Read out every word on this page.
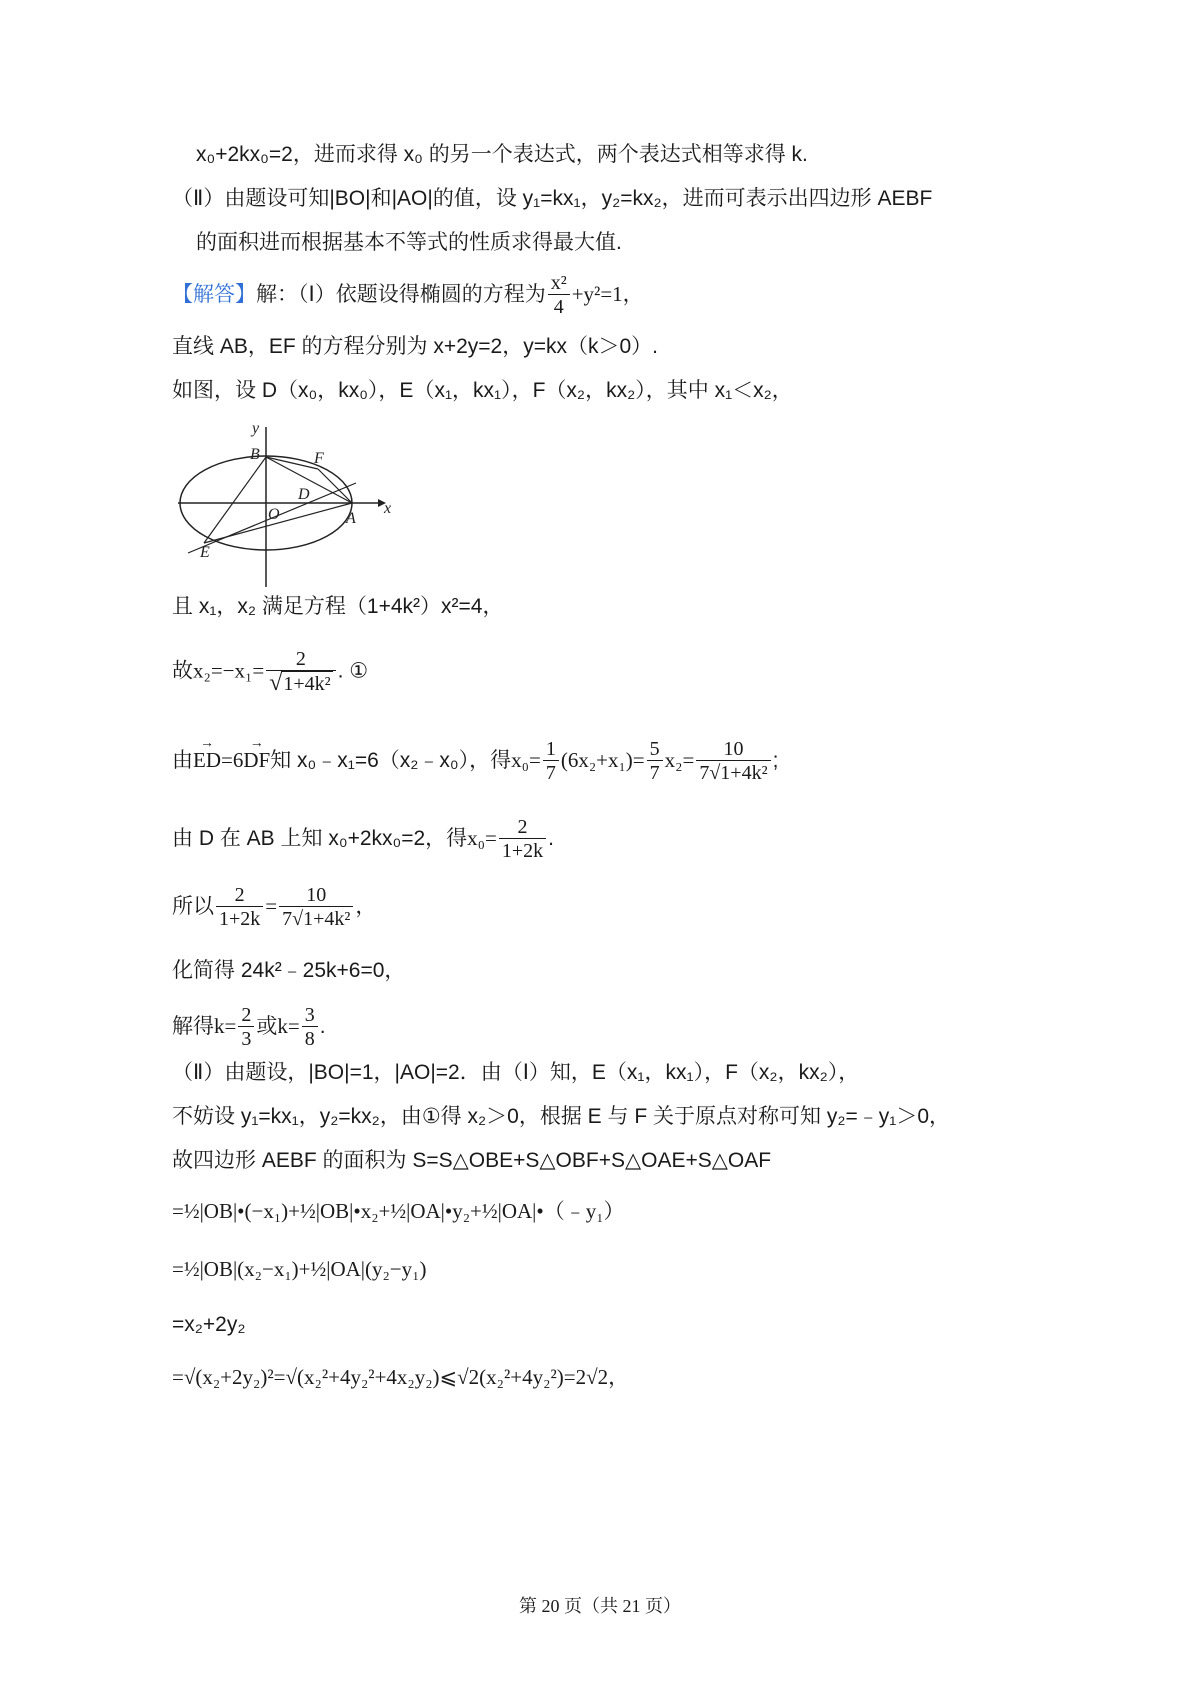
x₀+2kx₀=2，进而求得 x₀ 的另一个表达式，两个表达式相等求得 k.
（Ⅱ）由题设可知|BO|和|AO|的值，设 y₁=kx₁，y₂=kx₂，进而可表示出四边形 AEBF
的面积进而根据基本不等式的性质求得最大值.
【解答】解：（Ⅰ）依题设得椭圆的方程为 $\frac{\text{x²}}{4} +y^2=1$，
直线 AB，EF 的方程分别为 x+2y=2，y=kx（k＞0）.
如图，设 D（x₀，kx₀），E（x₁，kx₁），F（x₂，kx₂），其中 x₁＜x₂，
y
x
B	F
D
O	A
E
且 x₁，x₂ 满足方程（1+4k²）x²=4，
故$x_2=-x_1= \frac{2}{\text{√1+4k²}}$ . ①
由→ ED=6→ DF知 x₀﹣x₁=6（x₂﹣x₀），得$x_0= \frac{1}{7} (6x_2+x_1)= \frac{5}{7} x_2= \frac{10}{\text{7√1+4k²}}$ ;
由 D 在 AB 上知 x₀+2kx₀=2，得$x_0= \frac{2}{1+2k}$ .
所以 $\frac{2}{1+2k} = \frac{10}{\text{7√1+4k²}}$ ，
化简得 24k²﹣25k+6=0，
解得$k= \frac{2}{3}$ 或$k= \frac{3}{8}$ .
（Ⅱ）由题设，|BO|=1，|AO|=2．由（Ⅰ）知，E（x₁，kx₁），F（x₂，kx₂），
不妨设 y₁=kx₁，y₂=kx₂，由①得 x₂＞0，根据 E 与 F 关于原点对称可知 y₂=﹣y₁＞0，
故四边形 AEBF 的面积为 S=S△OBE+S△OBF+S△OAE+S△OAF
=½|OB|•(−x₁)+½|OB|•x₂+½|OA|•y₂+½|OA|•（﹣y₁）
=½|OB|(x₂−x₁)+½|OA|(y₂−y₁)
=x₂+2y₂
=√(x₂+2y₂)²=√(x₂²+4y₂²+4x₂y₂)⩽√2(x₂²+4y₂²)=2√2，
第 20 页（共 21 页）
